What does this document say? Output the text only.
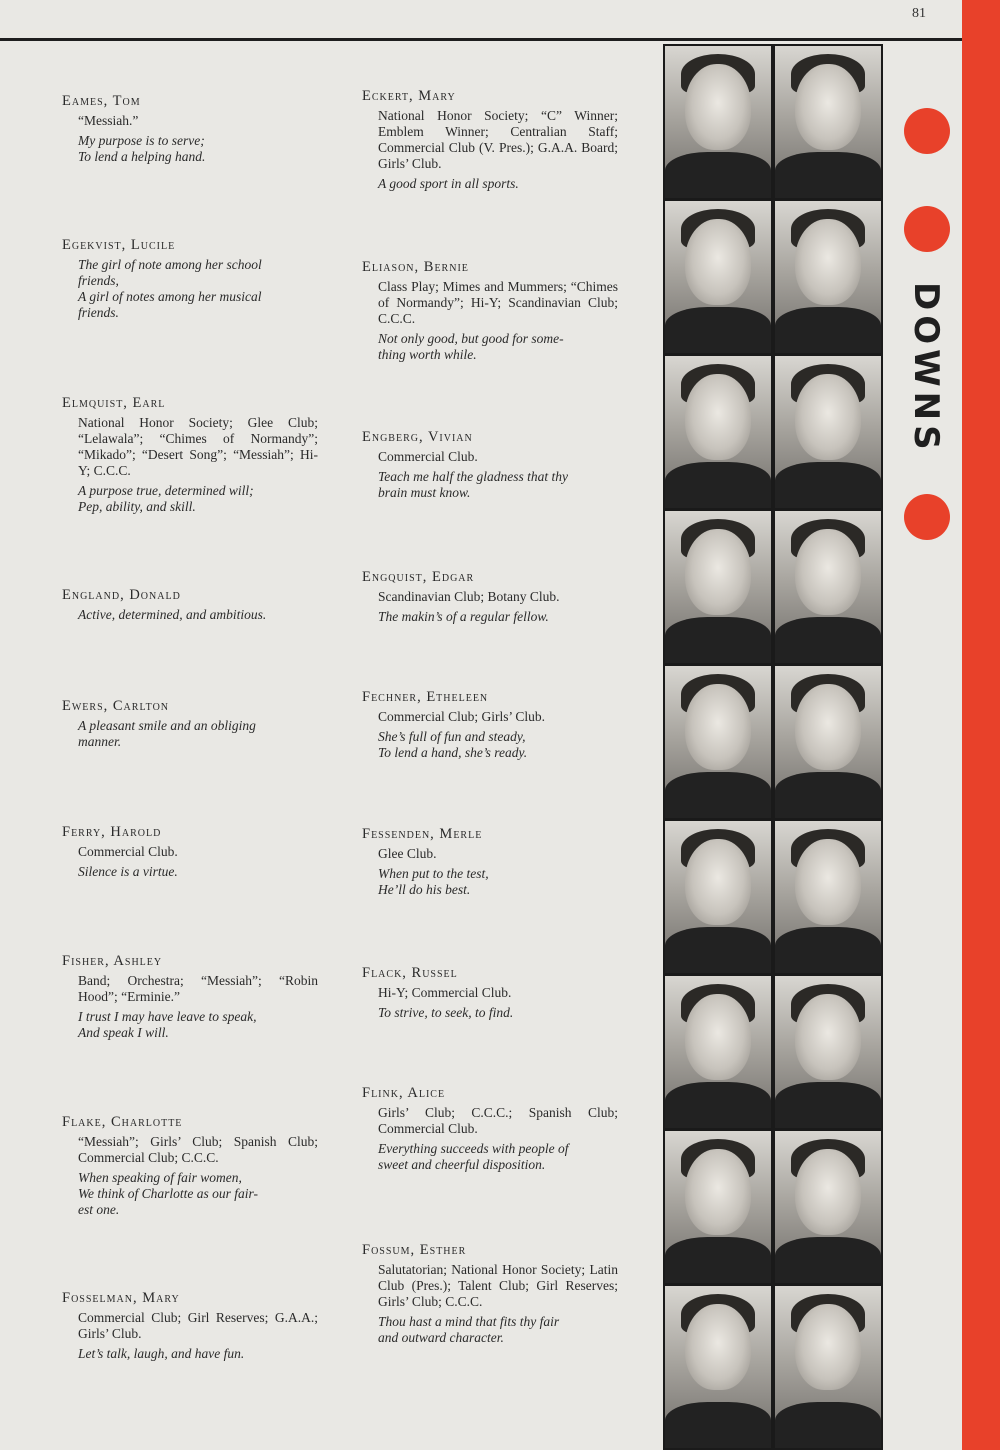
81
DOWNS
Eames, Tom
“Messiah.”
My purpose is to serve;
To lend a helping hand.
Egekvist, Lucile
The girl of note among her school
friends,
A girl of notes among her musical
friends.
Elmquist, Earl
National Honor Society; Glee Club; “Lelawala”; “Chimes of Normandy”; “Mikado”; “Desert Song”; “Messiah”; Hi-Y; C.C.C.
A purpose true, determined will;
Pep, ability, and skill.
England, Donald
Active, determined, and ambitious.
Ewers, Carlton
A pleasant smile and an obliging
manner.
Ferry, Harold
Commercial Club.
Silence is a virtue.
Fisher, Ashley
Band; Orchestra; “Messiah”; “Robin Hood”; “Erminie.”
I trust I may have leave to speak,
And speak I will.
Flake, Charlotte
“Messiah”; Girls’ Club; Spanish Club; Commercial Club; C.C.C.
When speaking of fair women,
We think of Charlotte as our fair-
est one.
Fosselman, Mary
Commercial Club; Girl Reserves; G.A.A.; Girls’ Club.
Let’s talk, laugh, and have fun.
Eckert, Mary
National Honor Society; “C” Winner; Emblem Winner; Centralian Staff; Commercial Club (V. Pres.); G.A.A. Board; Girls’ Club.
A good sport in all sports.
Eliason, Bernie
Class Play; Mimes and Mummers; “Chimes of Normandy”; Hi-Y; Scandinavian Club; C.C.C.
Not only good, but good for some-
thing worth while.
Engberg, Vivian
Commercial Club.
Teach me half the gladness that thy
brain must know.
Engquist, Edgar
Scandinavian Club; Botany Club.
The makin’s of a regular fellow.
Fechner, Etheleen
Commercial Club; Girls’ Club.
She’s full of fun and steady,
To lend a hand, she’s ready.
Fessenden, Merle
Glee Club.
When put to the test,
He’ll do his best.
Flack, Russel
Hi-Y; Commercial Club.
To strive, to seek, to find.
Flink, Alice
Girls’ Club; C.C.C.; Spanish Club; Commercial Club.
Everything succeeds with people of
sweet and cheerful disposition.
Fossum, Esther
Salutatorian; National Honor Society; Latin Club (Pres.); Talent Club; Girl Reserves; Girls’ Club; C.C.C.
Thou hast a mind that fits thy fair
and outward character.
